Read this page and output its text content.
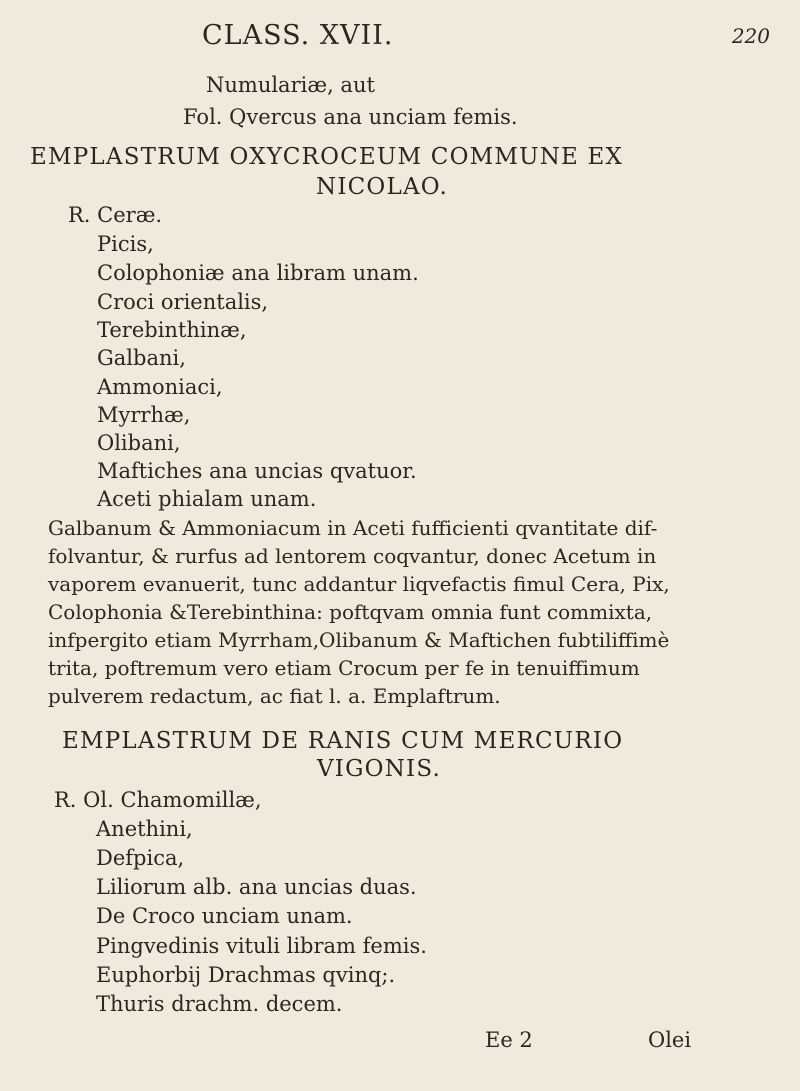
CLASS. XVII.	220
Numulariæ, aut
Fol. Qvercus ana unciam femis.
EMPLASTRUM OXYCROCEUM COMMUNE EX
NICOLAO.
R. Ceræ.
Picis,
Colophoniæ ana libram unam.
Croci orientalis,
Terebinthinæ,
Galbani,
Ammoniaci,
Myrrhæ,
Olibani,
Maftiches ana uncias qvatuor.
Aceti phialam unam.
Galbanum & Ammoniacum in Aceti fufficienti qvantitate dif-
folvantur, & rurfus ad lentorem coqvantur, donec Acetum in
vaporem evanuerit, tunc addantur liqvefactis fimul Cera, Pix,
Colophonia &Terebinthina: poftqvam omnia funt commixta,
infpergito etiam Myrrham,Olibanum & Maftichen fubtiliffimè
trita, poftremum vero etiam Crocum per fe in tenuiffimum
pulverem redactum, ac fiat l. a. Emplaftrum.
EMPLASTRUM DE RANIS CUM MERCURIO
VIGONIS.
R. Ol. Chamomillæ,
Anethini,
Defpica,
Liliorum alb. ana uncias duas.
De Croco unciam unam.
Pingvedinis vituli libram femis.
Euphorbij Drachmas qvinq;.
Thuris drachm. decem.
Ee 2	Olei
